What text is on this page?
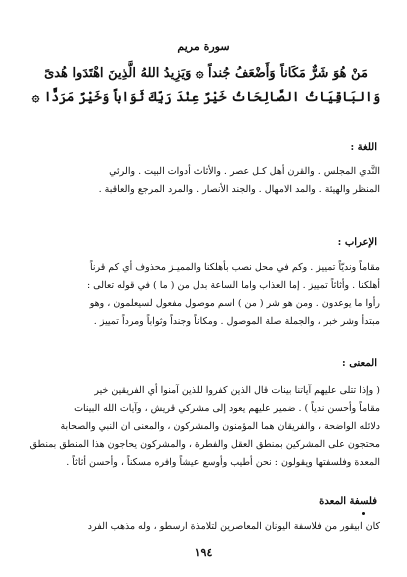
سورة مريم
مَنْ هُوَ شَرٌّ مَكَاناً وَأَضْعَفُ جُنداً ۞ وَيَزِيدُ اللهُ الَّذِينَ اهْتَدَوا هُدىً
وَالبَاقِيَاتُ الصَّالِحَاتُ خَيْرٌ عِنْدَ رَبِّكَ ثَوَاباً وَخَيْرٌ مَرَدًّا ۞
اللغة :

النَّدي المجلس . والقرن أهل كـل عصر . والأثاث أدوات البيت . والرئي

المنظر والهيئة . والمد الامهال . والجند الأنصار . والمرد المرجع والعاقبة .

الإعراب :

مقاماً ونديّاً تمييز . وكم في محل نصب بأهلكنا والمميـز محذوف أي كم قرناً

أهلكنا . وأثاثاً تمييز . إما العذاب واما الساعة بدل من ( ما ) في قوله تعالى :

رأوا ما يوعدون . ومن هو شر ( من ) اسم موصول مفعول لسيعلمون ، وهو

مبتدأ وشر خبر ، والجملة صلة الموصول . ومكاناً وجنداً وثواباً ومرداً تمييز .

المعنى :

( وإذا تتلى عليهم آياتنا بينات قال الذين كفروا للذين آمنوا أي الفريقين خير

مقاماً وأحسن ندياً ) . ضمير عليهم يعود إلى مشركي قريش ، وآيات الله البينات

دلائله الواضحة ، والفريقان هما المؤمنون والمشركون ، والمعنى ان النبي والصحابة

محتجون على المشركين بمنطق العقل والفطرة ، والمشركون يحاجون هذا المنطق بمنطق

المعدة وفلسفتها ويقولون : نحن أطيب وأوسع عيشاً وافره مسكناً ، وأحسن أثاثاً .

فلسفة المعدة

كان ابيقور من فلاسفة اليونان المعاصرين لتلامذة ارسطو ، وله مذهب الفرد

١٩٤
